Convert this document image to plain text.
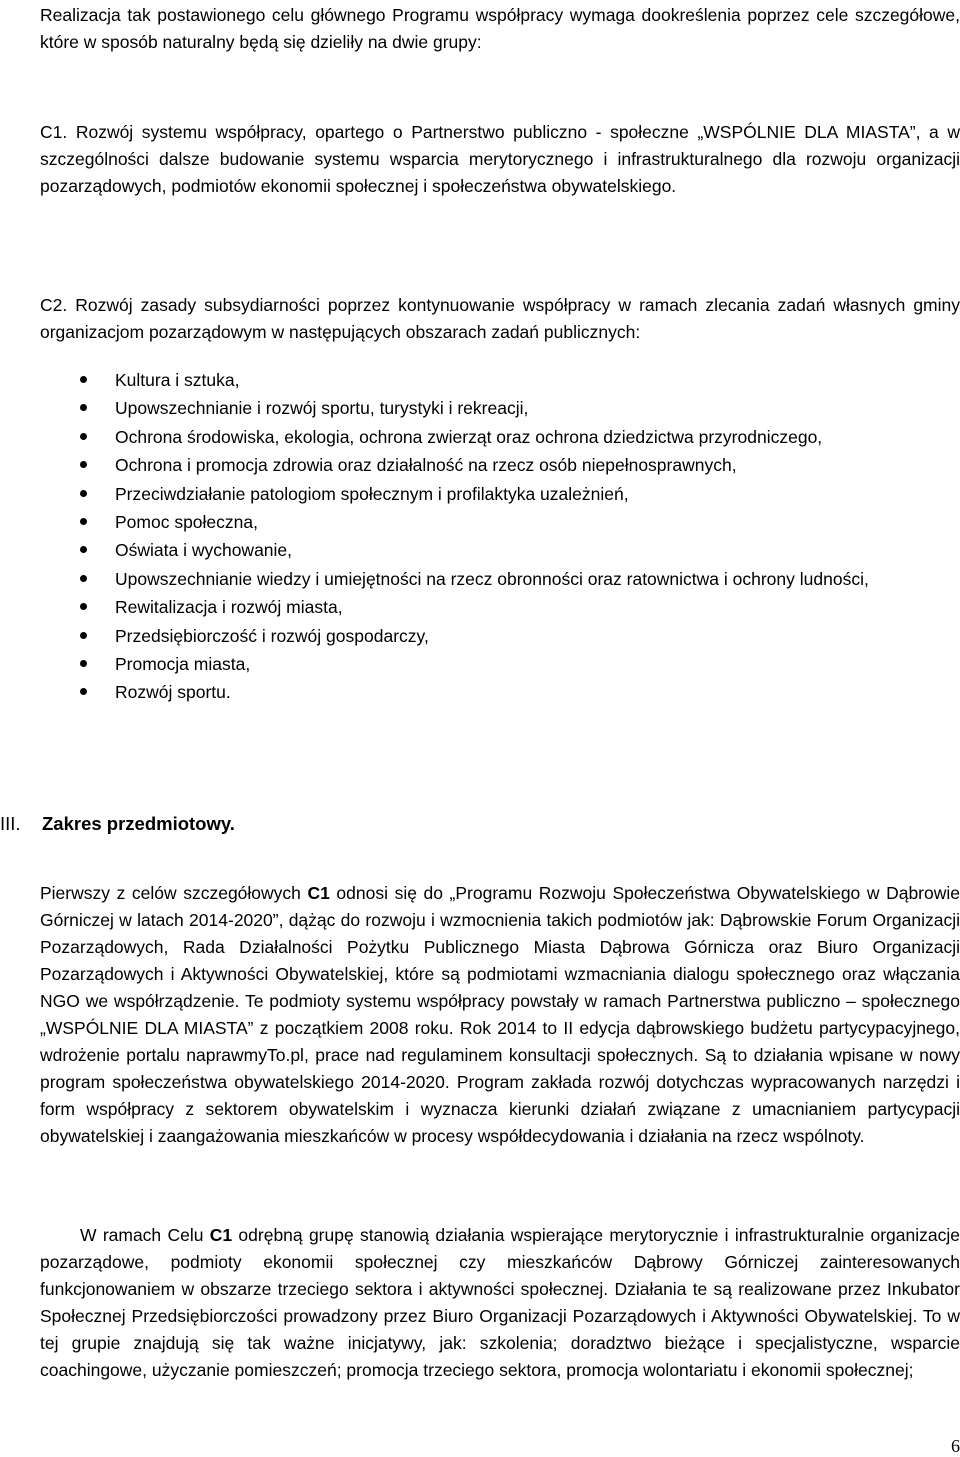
Realizacja tak postawionego celu głównego Programu współpracy wymaga dookreślenia poprzez cele szczegółowe, które w sposób naturalny będą się dzieliły na dwie grupy:

C1. Rozwój systemu współpracy, opartego o Partnerstwo publiczno - społeczne „WSPÓLNIE DLA MIASTA”, a w szczególności dalsze budowanie systemu wsparcia merytorycznego i infrastrukturalnego dla rozwoju organizacji pozarządowych, podmiotów ekonomii społecznej i społeczeństwa obywatelskiego.

C2. Rozwój zasady subsydiarności poprzez kontynuowanie współpracy w ramach zlecania zadań własnych gminy organizacjom pozarządowym w następujących obszarach zadań publicznych:

Kultura i sztuka,
Upowszechnianie i rozwój sportu, turystyki i rekreacji,
Ochrona środowiska, ekologia, ochrona zwierząt oraz ochrona dziedzictwa przyrodniczego,
Ochrona i promocja zdrowia oraz działalność na rzecz osób niepełnosprawnych,
Przeciwdziałanie patologiom społecznym i profilaktyka uzależnień,
Pomoc społeczna,
Oświata i wychowanie,
Upowszechnianie wiedzy i umiejętności na rzecz obronności oraz ratownictwa i ochrony ludności,
Rewitalizacja i rozwój miasta,
Przedsiębiorczość i rozwój gospodarczy,
Promocja miasta,
Rozwój sportu.
III. Zakres przedmiotowy.

Pierwszy z celów szczegółowych C1 odnosi się do „Programu Rozwoju Społeczeństwa Obywatelskiego w Dąbrowie Górniczej w latach 2014-2020”, dążąc do rozwoju i wzmocnienia takich podmiotów jak: Dąbrowskie Forum Organizacji Pozarządowych, Rada Działalności Pożytku Publicznego Miasta Dąbrowa Górnicza oraz Biuro Organizacji Pozarządowych i Aktywności Obywatelskiej, które są podmiotami wzmacniania dialogu społecznego oraz włączania NGO we współrządzenie. Te podmioty systemu współpracy powstały w ramach Partnerstwa publiczno – społecznego „WSPÓLNIE DLA MIASTA” z początkiem 2008 roku. Rok 2014 to II edycja dąbrowskiego budżetu partycypacyjnego, wdrożenie portalu naprawmyTo.pl, prace nad regulaminem konsultacji społecznych. Są to działania wpisane w nowy program społeczeństwa obywatelskiego 2014-2020. Program zakłada rozwój dotychczas wypracowanych narzędzi i form współpracy z sektorem obywatelskim i wyznacza kierunki działań związane z umacnianiem partycypacji obywatelskiej i zaangażowania mieszkańców w procesy współdecydowania i działania na rzecz wspólnoty.

W ramach Celu C1 odrębną grupę stanowią działania wspierające merytorycznie i infrastrukturalnie organizacje pozarządowe, podmioty ekonomii społecznej czy mieszkańców Dąbrowy Górniczej zainteresowanych funkcjonowaniem w obszarze trzeciego sektora i aktywności społecznej. Działania te są realizowane przez Inkubator Społecznej Przedsiębiorczości prowadzony przez Biuro Organizacji Pozarządowych i Aktywności Obywatelskiej. To w tej grupie znajdują się tak ważne inicjatywy, jak: szkolenia; doradztwo bieżące i specjalistyczne, wsparcie coachingowe, użyczanie pomieszczeń; promocja trzeciego sektora, promocja wolontariatu i ekonomii społecznej;

6
